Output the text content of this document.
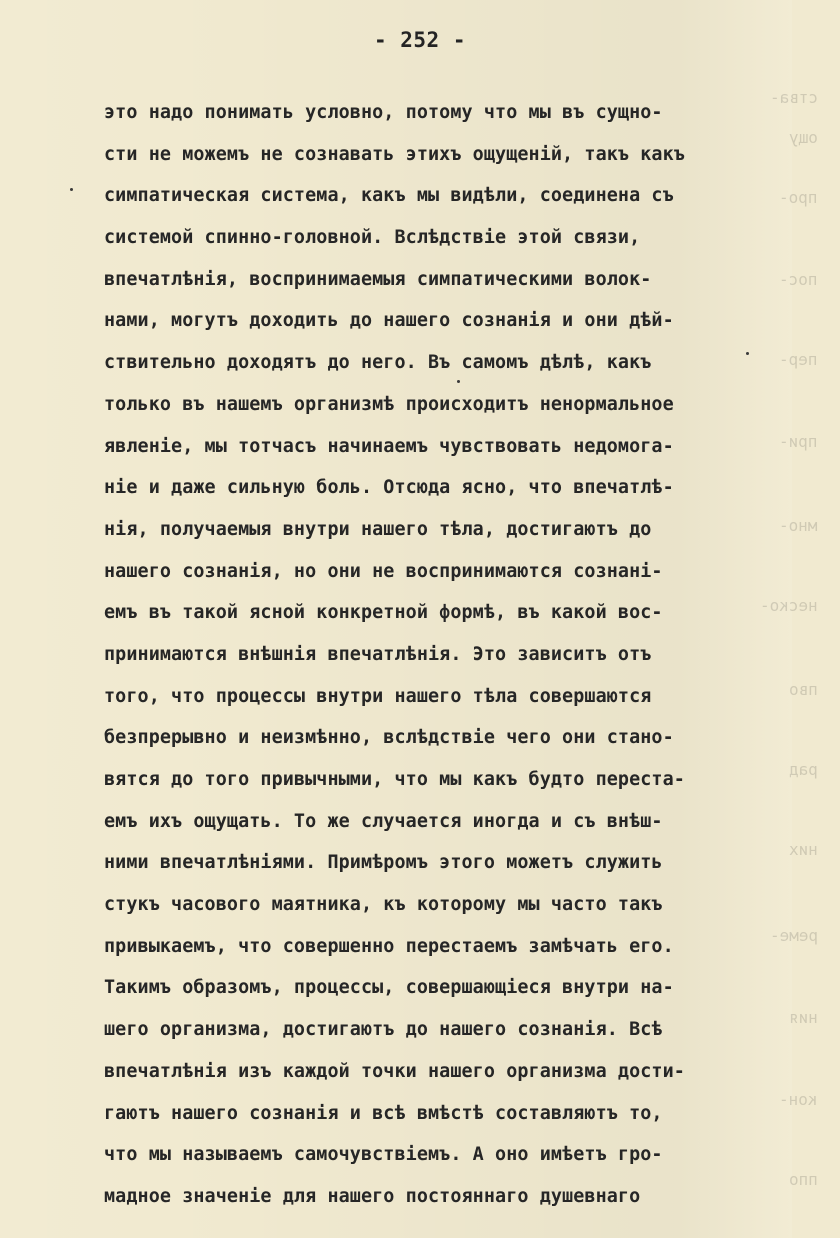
- 252 -
это надо понимать условно, потому что мы въ сущно-
сти не можемъ не сознавать этихъ ощущеній, такъ какъ
симпатическая система, какъ мы видѣли, соединена съ
системой спинно-головной. Вслѣдствіе этой связи,
впечатлѣнія, воспринимаемыя симпатическими волок-
нами, могутъ доходить до нашего сознанія и они дѣй-
ствительно доходятъ до него. Въ самомъ дѣлѣ, какъ
только въ нашемъ организмѣ происходитъ ненормальное
явленіе, мы тотчасъ начинаемъ чувствовать недомога-
ніе и даже сильную боль. Отсюда ясно, что впечатлѣ-
нія, получаемыя внутри нашего тѣла, достигаютъ до
нашего сознанія, но они не воспринимаются сознані-
емъ въ такой ясной конкретной формѣ, въ какой вос-
принимаются внѣшнія впечатлѣнія. Это зависитъ отъ
того, что процессы внутри нашего тѣла совершаются
безпрерывно и неизмѣнно, вслѣдствіе чего они стано-
вятся до того привычными, что мы какъ будто переста-
емъ ихъ ощущать. То же случается иногда и съ внѣш-
ними впечатлѣніями. Примѣромъ этого можетъ служить
стукъ часового маятника, къ которому мы часто такъ
привыкаемъ, что совершенно перестаемъ замѣчать его.
Такимъ образомъ, процессы, совершающіеся внутри на-
шего организма, достигаютъ до нашего сознанія. Всѣ
впечатлѣнія изъ каждой точки нашего организма дости-
гаютъ нашего сознанія и всѣ вмѣстѣ составляютъ то,
что мы называемъ самочувствіемъ. А оно имѣетъ гро-
мадное значеніе для нашего постояннаго душевнаго
ства-
ощу
про-
пос-
пер-
при-
мно-
неско-
пво
рад
них
реме-
ния
кон-
ппо
